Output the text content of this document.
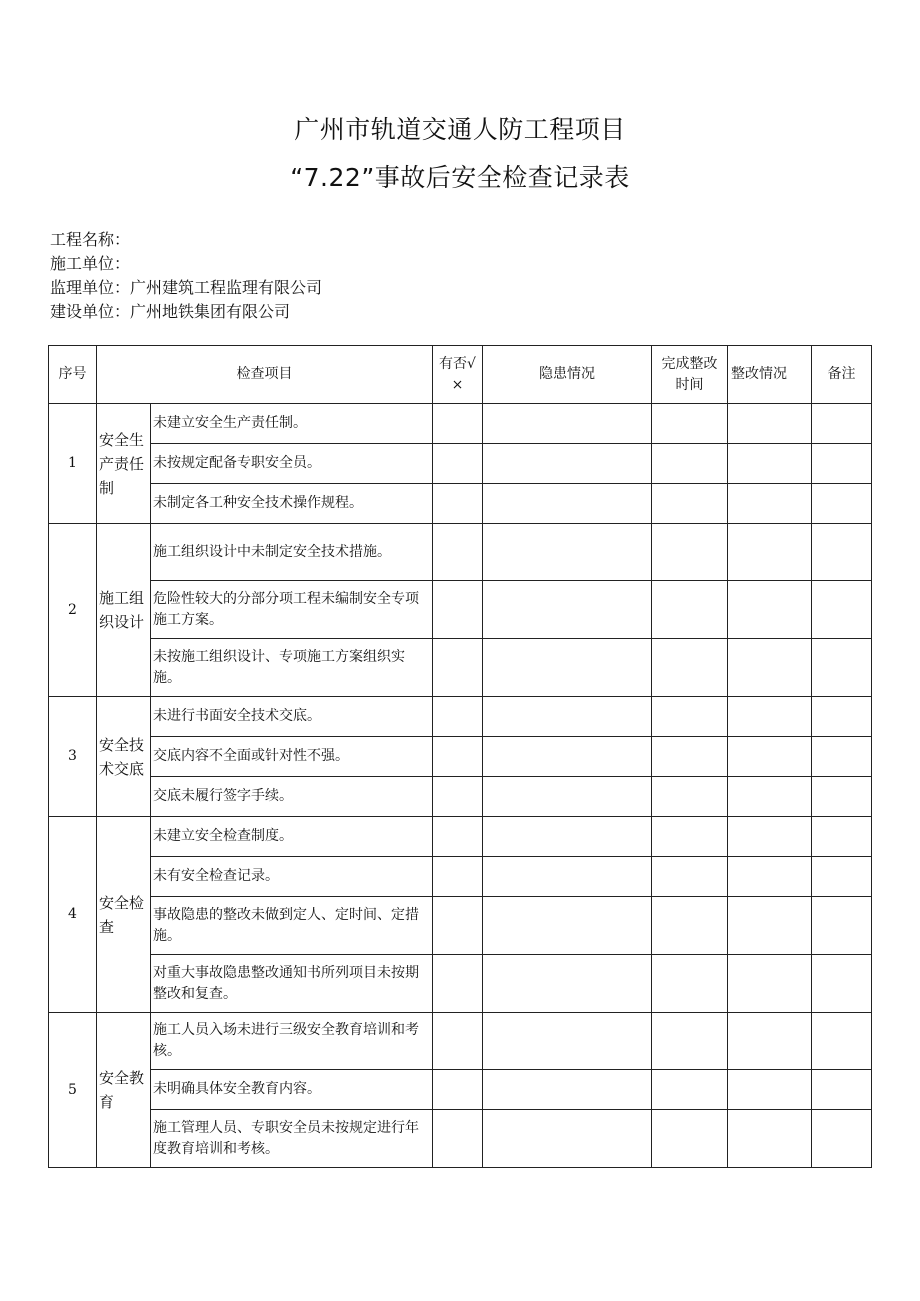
广州市轨道交通人防工程项目
“7.22”事故后安全检查记录表
工程名称：
施工单位：
监理单位：广州建筑工程监理有限公司
建设单位：广州地铁集团有限公司
序号	检查项目		有否√×	隐患情况	完成整改时间	整改情况	备注
1	安全生产责任制	未建立安全生产责任制。					
		未按规定配备专职安全员。					
		未制定各工种安全技术操作规程。					
2	施工组织设计	施工组织设计中未制定安全技术措施。					
		危险性较大的分部分项工程未编制安全专项施工方案。					
		未按施工组织设计、专项施工方案组织实施。					
3	安全技术交底	未进行书面安全技术交底。					
		交底内容不全面或针对性不强。					
		交底未履行签字手续。					
4	安全检查	未建立安全检查制度。					
		未有安全检查记录。					
		事故隐患的整改未做到定人、定时间、定措施。					
		对重大事故隐患整改通知书所列项目未按期整改和复查。					
5	安全教育	施工人员入场未进行三级安全教育培训和考核。					
		未明确具体安全教育内容。					
		施工管理人员、专职安全员未按规定进行年度教育培训和考核。					
